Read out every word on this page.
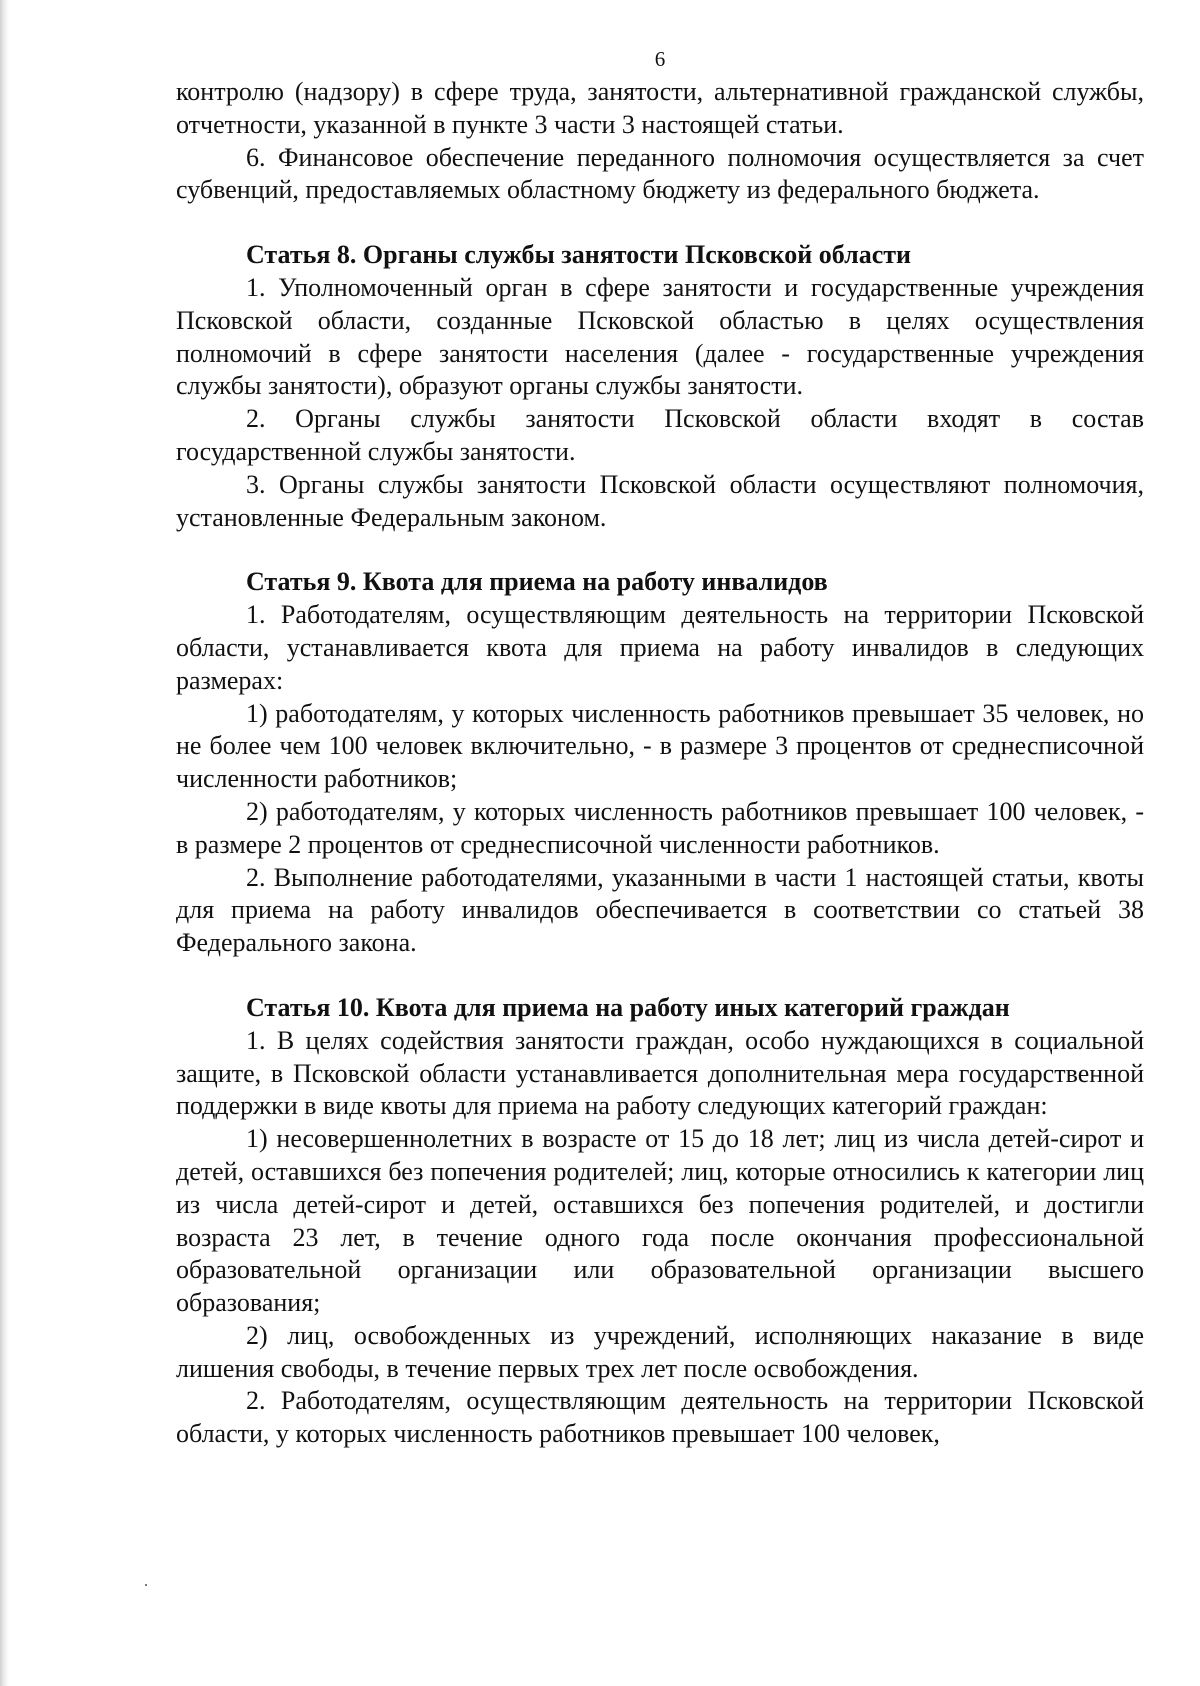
6

контролю (надзору) в сфере труда, занятости, альтернативной гражданской службы, отчетности, указанной в пункте 3 части 3 настоящей статьи.

6. Финансовое обеспечение переданного полномочия осуществляется за счет субвенций, предоставляемых областному бюджету из федерального бюджета.

Статья 8. Органы службы занятости Псковской области

1. Уполномоченный орган в сфере занятости и государственные учреждения Псковской области, созданные Псковской областью в целях осуществления полномочий в сфере занятости населения (далее - государственные учреждения службы занятости), образуют органы службы занятости.

2. Органы службы занятости Псковской области входят в состав государственной службы занятости.

3. Органы службы занятости Псковской области осуществляют полномочия, установленные Федеральным законом.

Статья 9. Квота для приема на работу инвалидов

1. Работодателям, осуществляющим деятельность на территории Псковской области, устанавливается квота для приема на работу инвалидов в следующих размерах:

1) работодателям, у которых численность работников превышает 35 человек, но не более чем 100 человек включительно, - в размере 3 процентов от среднесписочной численности работников;

2) работодателям, у которых численность работников превышает 100 человек, - в размере 2 процентов от среднесписочной численности работников.

2. Выполнение работодателями, указанными в части 1 настоящей статьи, квоты для приема на работу инвалидов обеспечивается в соответствии со статьей 38 Федерального закона.

Статья 10. Квота для приема на работу иных категорий граждан

1. В целях содействия занятости граждан, особо нуждающихся в социальной защите, в Псковской области устанавливается дополнительная мера государственной поддержки в виде квоты для приема на работу следующих категорий граждан:

1) несовершеннолетних в возрасте от 15 до 18 лет; лиц из числа детей-сирот и детей, оставшихся без попечения родителей; лиц, которые относились к категории лиц из числа детей-сирот и детей, оставшихся без попечения родителей, и достигли возраста 23 лет, в течение одного года после окончания профессиональной образовательной организации или образовательной организации высшего образования;

2) лиц, освобожденных из учреждений, исполняющих наказание в виде лишения свободы, в течение первых трех лет после освобождения.

2. Работодателям, осуществляющим деятельность на территории Псковской области, у которых численность работников превышает 100 человек,
